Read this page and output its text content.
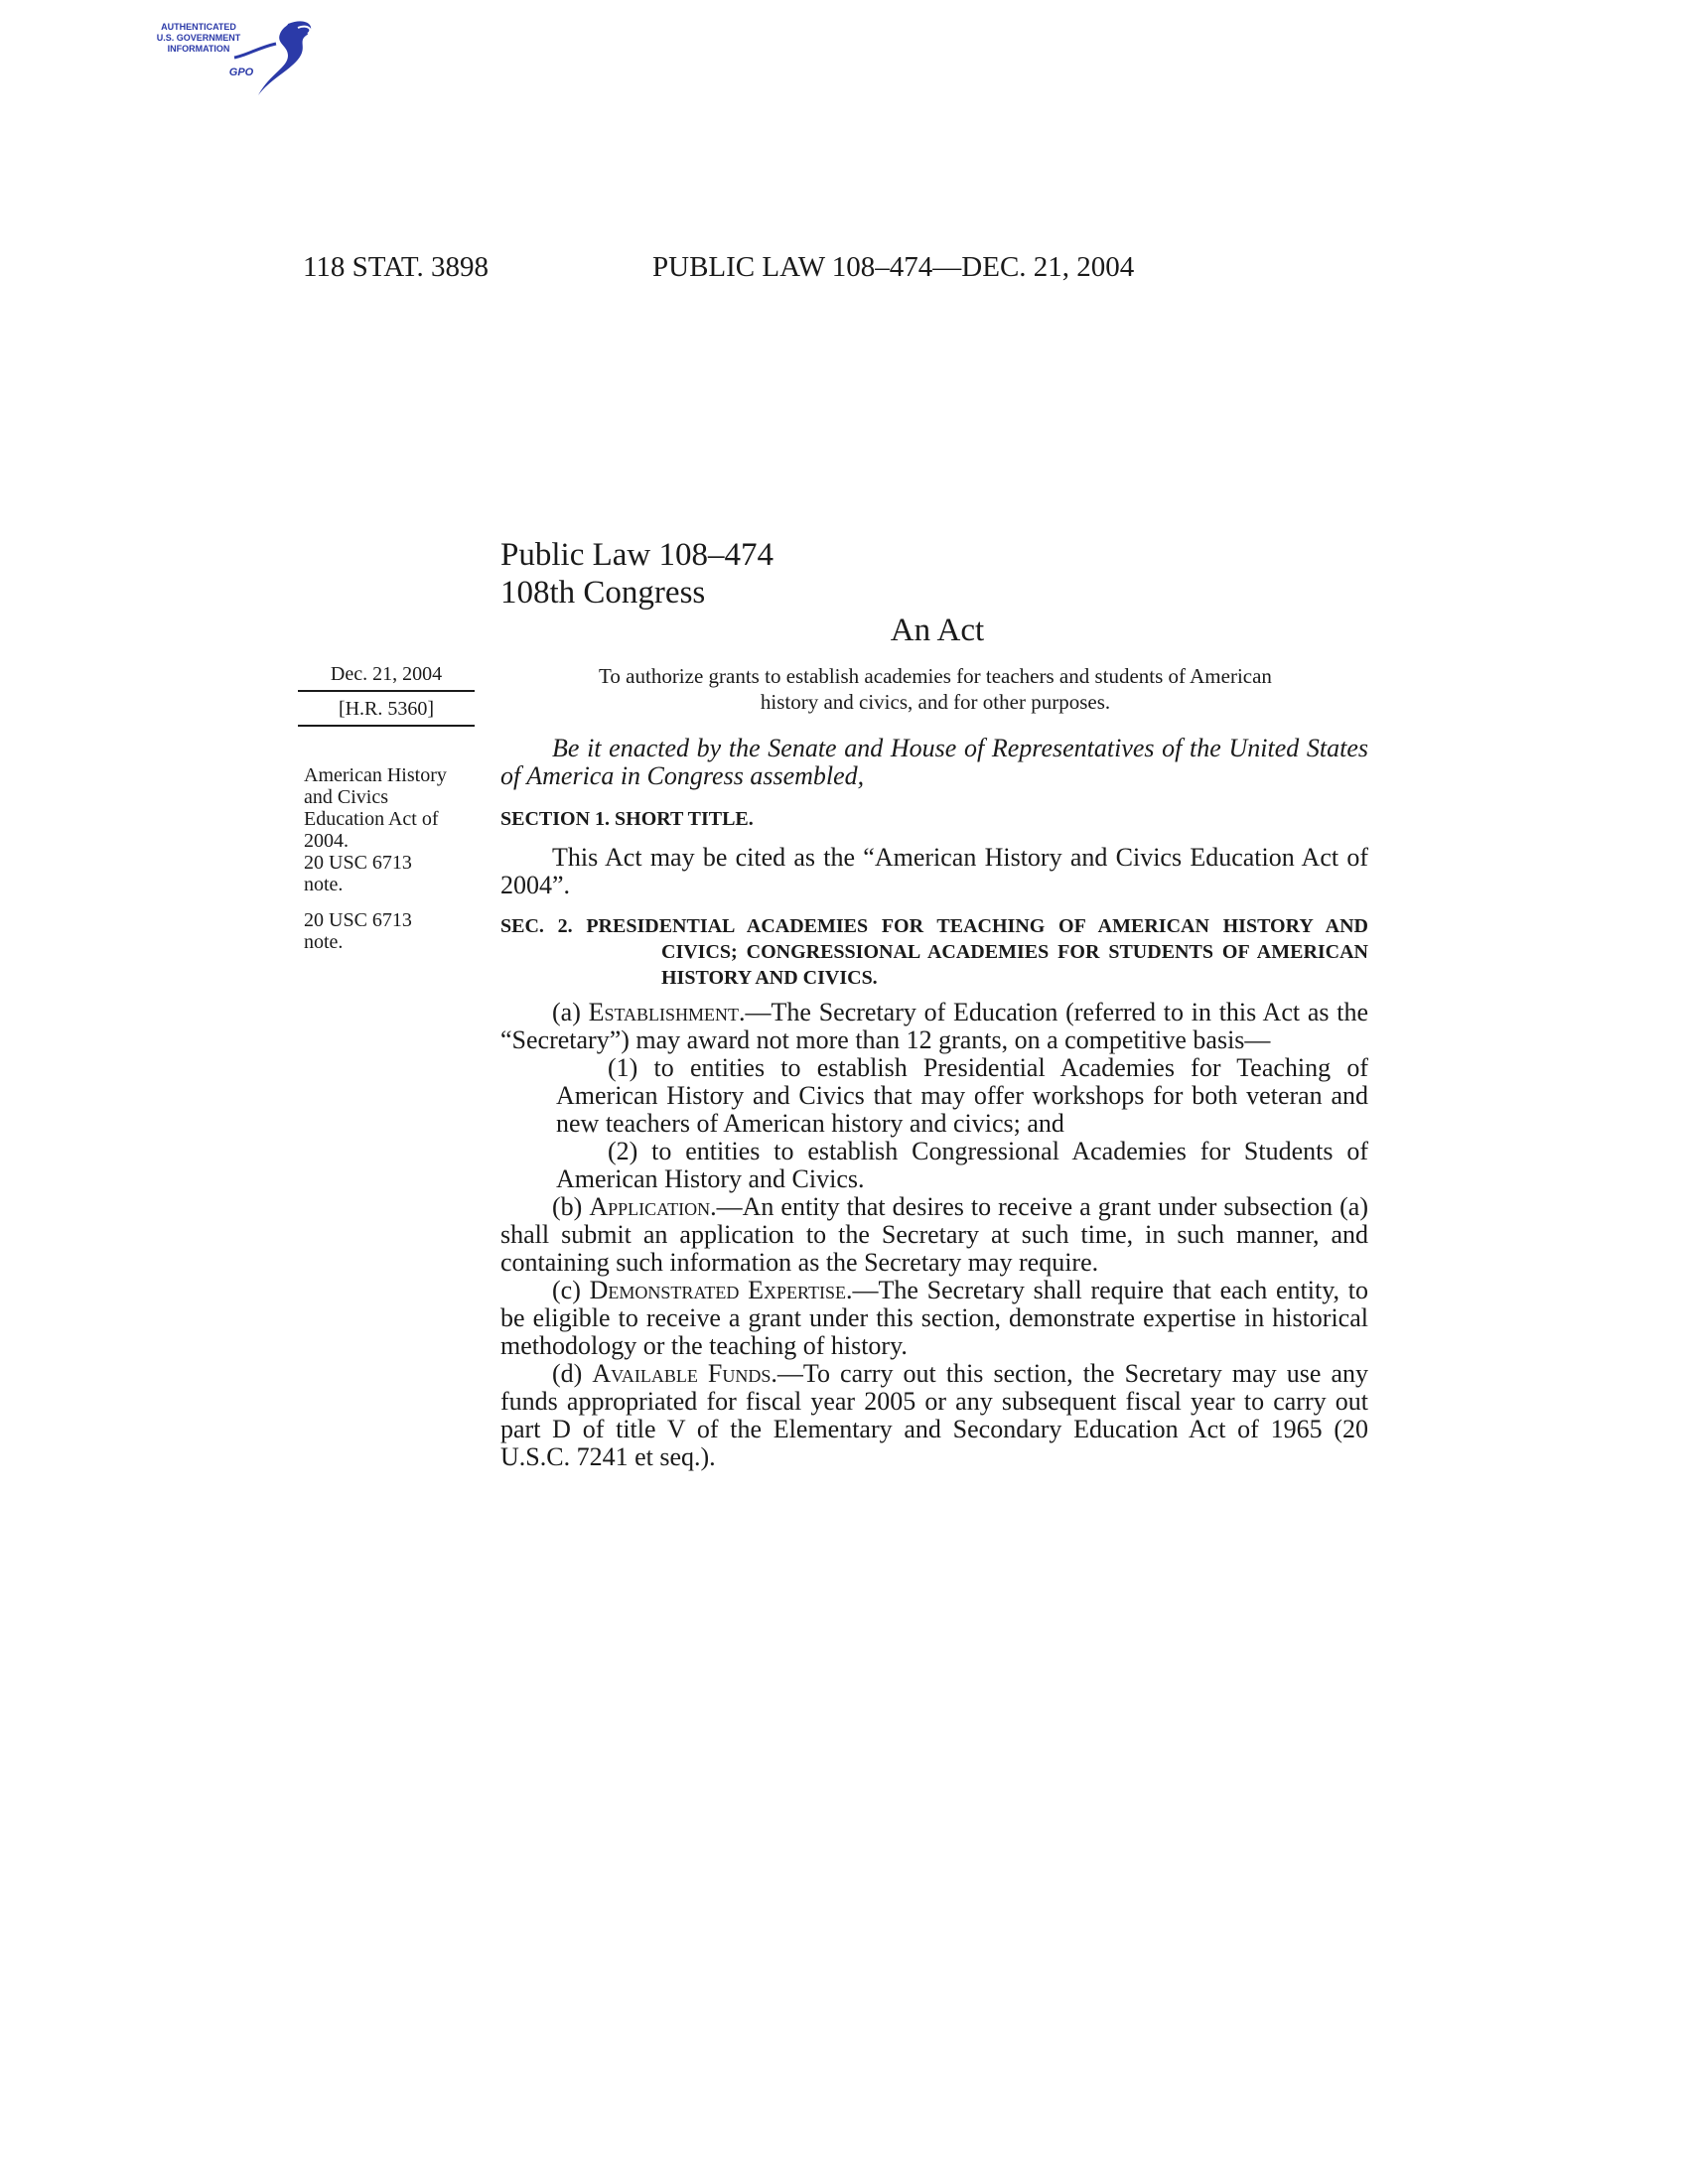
AUTHENTICATED
U.S. GOVERNMENT
INFORMATION
GPO
118 STAT. 3898	PUBLIC LAW 108–474—DEC. 21, 2004
Public Law 108–474
108th Congress
An Act
Dec. 21, 2004
[H.R. 5360]
To authorize grants to establish academies for teachers and students of American
history and civics, and for other purposes.
American History
and Civics
Education Act of
2004.
20 USC 6713
note.
20 USC 6713
note.

Be it enacted by the Senate and House of Representatives of the United States of America in Congress assembled,

SECTION 1. SHORT TITLE.

This Act may be cited as the “American History and Civics Education Act of 2004”.

SEC. 2. PRESIDENTIAL ACADEMIES FOR TEACHING OF AMERICAN HISTORY AND CIVICS; CONGRESSIONAL ACADEMIES FOR STUDENTS OF AMERICAN HISTORY AND CIVICS.

(a) Establishment.—The Secretary of Education (referred to in this Act as the “Secretary”) may award not more than 12 grants, on a competitive basis—

(1) to entities to establish Presidential Academies for Teaching of American History and Civics that may offer workshops for both veteran and new teachers of American history and civics; and

(2) to entities to establish Congressional Academies for Students of American History and Civics.

(b) Application.—An entity that desires to receive a grant under subsection (a) shall submit an application to the Secretary at such time, in such manner, and containing such information as the Secretary may require.

(c) Demonstrated Expertise.—The Secretary shall require that each entity, to be eligible to receive a grant under this section, demonstrate expertise in historical methodology or the teaching of history.

(d) Available Funds.—To carry out this section, the Secretary may use any funds appropriated for fiscal year 2005 or any subsequent fiscal year to carry out part D of title V of the Elementary and Secondary Education Act of 1965 (20 U.S.C. 7241 et seq.).
